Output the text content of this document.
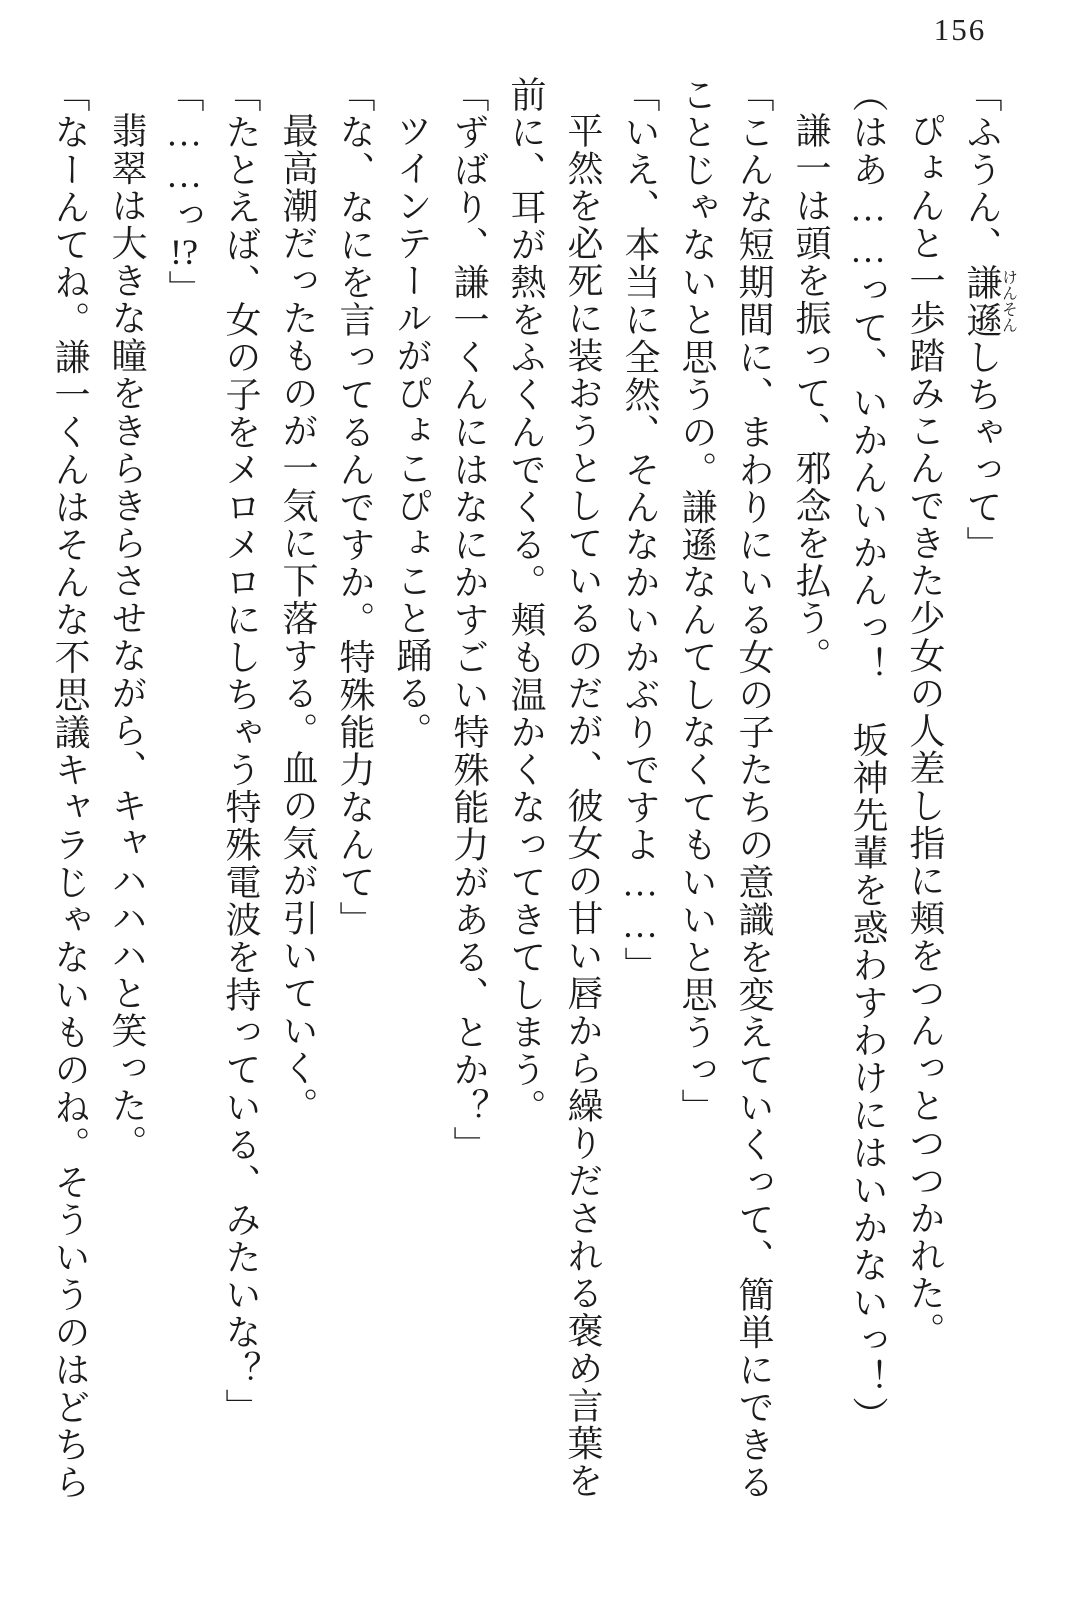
156

「ふうん、謙遜けんそんしちゃって」

ぴょんと一歩踏みこんできた少女の人差し指に頬をつんっとつつかれた。

（はあ……って、いかんいかんっ！　坂神先輩を惑わすわけにはいかないっ！）

謙一は頭を振って、邪念を払う。

「こんな短期間に、まわりにいる女の子たちの意識を変えていくって、簡単にできる

ことじゃないと思うの。謙遜なんてしなくてもいいと思うっ」

「いえ、本当に全然、そんなかいかぶりですよ……」

平然を必死に装おうとしているのだが、彼女の甘い唇から繰りだされる褒め言葉を

前に、耳が熱をふくんでくる。頬も温かくなってきてしまう。

「ずばり、謙一くんにはなにかすごい特殊能力がある、とか？」

ツインテールがぴょこぴょこと踊る。

「な、なにを言ってるんですか。特殊能力なんて」

最高潮だったものが一気に下落する。血の気が引いていく。

「たとえば、女の子をメロメロにしちゃう特殊電波を持っている、みたいな？」

「……っ!?」

翡翠は大きな瞳をきらきらさせながら、キャハハハと笑った。

「なーんてね。謙一くんはそんな不思議キャラじゃないものね。そういうのはどちら
